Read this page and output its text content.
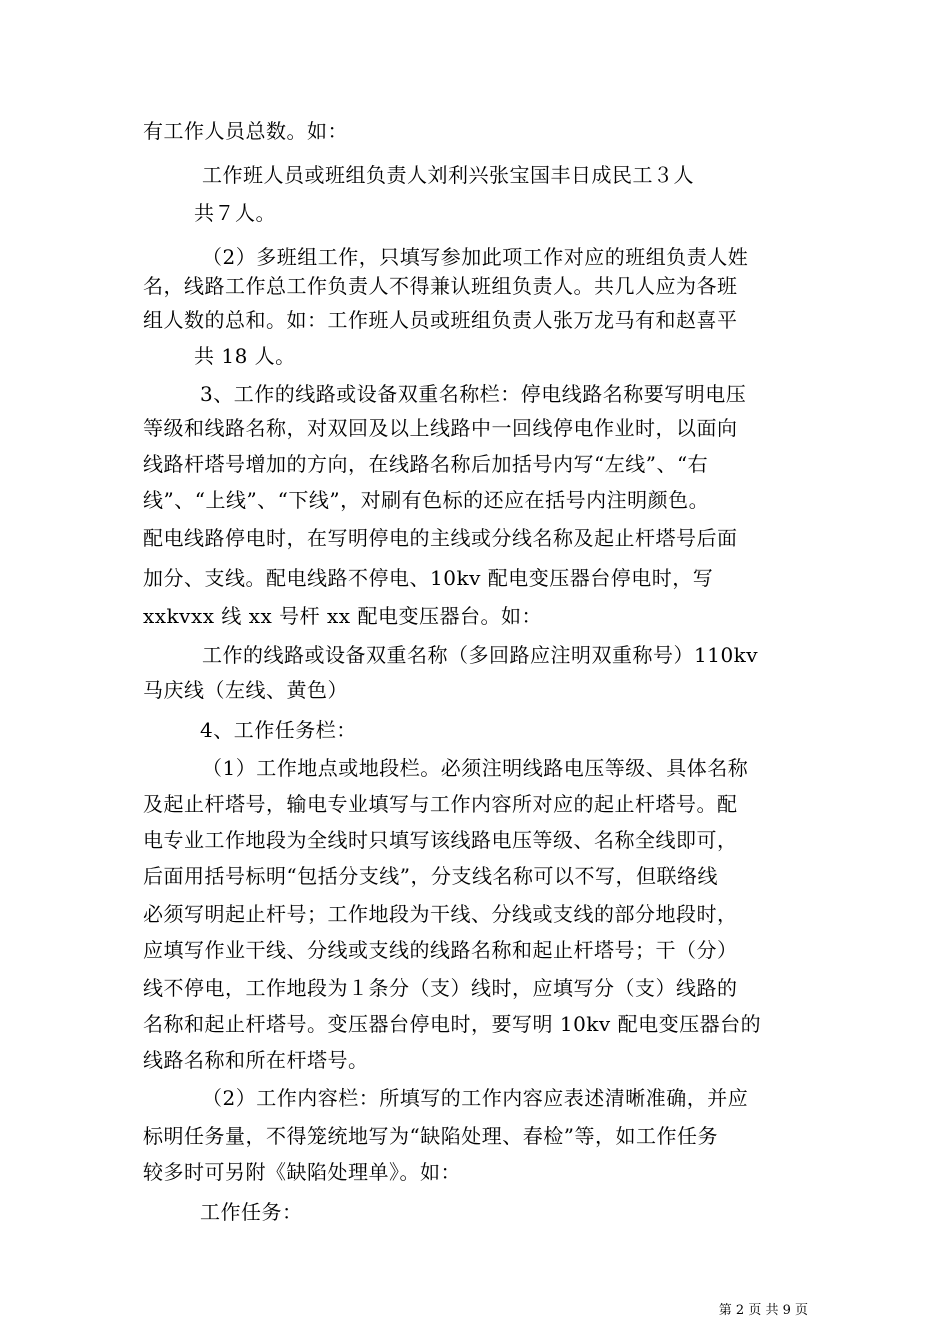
有工作人员总数。如：
工作班人员或班组负责人刘利兴张宝国丰日成民工３人
共７人。
（2）多班组工作，只填写参加此项工作对应的班组负责人姓
名，线路工作总工作负责人不得兼认班组负责人。共几人应为各班
组人数的总和。如：工作班人员或班组负责人张万龙马有和赵喜平
共 18 人。
3、工作的线路或设备双重名称栏：停电线路名称要写明电压
等级和线路名称，对双回及以上线路中一回线停电作业时，以面向
线路杆塔号增加的方向，在线路名称后加括号内写“左线”、“右
线”、“上线”、“下线”，对刷有色标的还应在括号内注明颜色。
配电线路停电时，在写明停电的主线或分线名称及起止杆塔号后面
加分、支线。配电线路不停电、10kv 配电变压器台停电时，写
xxkvxx 线 xx 号杆 xx 配电变压器台。如：
工作的线路或设备双重名称（多回路应注明双重称号）110kv
马庆线（左线、黄色）
4、工作任务栏：
（1）工作地点或地段栏。必须注明线路电压等级、具体名称
及起止杆塔号，输电专业填写与工作内容所对应的起止杆塔号。配
电专业工作地段为全线时只填写该线路电压等级、名称全线即可，
后面用括号标明“包括分支线”，分支线名称可以不写，但联络线
必须写明起止杆号；工作地段为干线、分线或支线的部分地段时，
应填写作业干线、分线或支线的线路名称和起止杆塔号；干（分）
线不停电，工作地段为１条分（支）线时，应填写分（支）线路的
名称和起止杆塔号。变压器台停电时，要写明 10kv 配电变压器台的
线路名称和所在杆塔号。
（2）工作内容栏：所填写的工作内容应表述清晰准确，并应
标明任务量，不得笼统地写为“缺陷处理、春检”等，如工作任务
较多时可另附《缺陷处理单》。如：
工作任务：
第 2 页 共 9 页
